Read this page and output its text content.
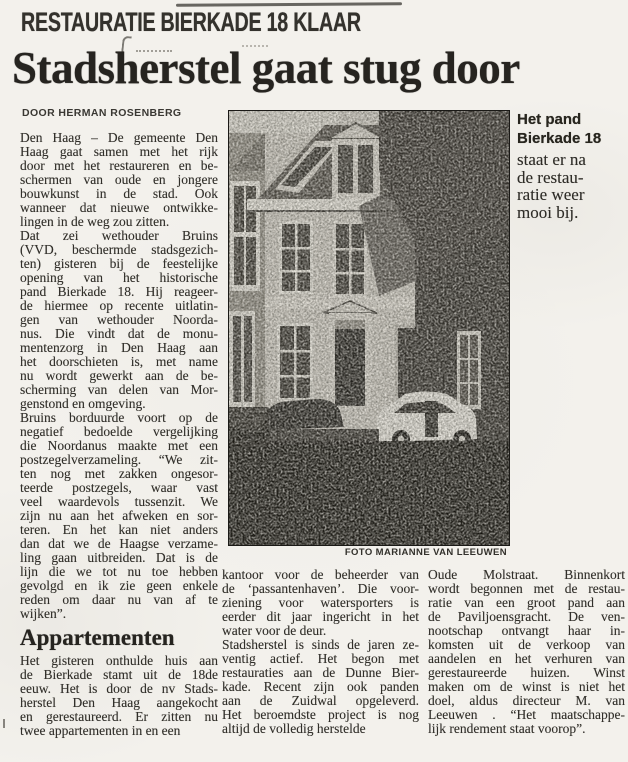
RESTAURATIE BIERKADE 18 KLAAR
Stadsherstel gaat stug door
DOOR HERMAN ROSENBERG
Den Haag – De gemeente Den
Haag gaat samen met het rijk
door met het restaureren en be-
schermen van oude en jongere
bouwkunst in de stad. Ook
wanneer dat nieuwe ontwikke-
lingen in de weg zou zitten.
Dat zei wethouder Bruins
(VVD, beschermde stadsgezich-
ten) gisteren bij de feestelijke
opening van het historische
pand Bierkade 18. Hij reageer-
de hiermee op recente uitlatin-
gen van wethouder Noorda-
nus. Die vindt dat de monu-
mentenzorg in Den Haag aan
het doorschieten is, met name
nu wordt gewerkt aan de be-
scherming van delen van Mor-
genstond en omgeving.
Bruins borduurde voort op de
negatief bedoelde vergelijking
die Noordanus maakte met een
postzegelverzameling. “We zit-
ten nog met zakken ongesor-
teerde postzegels, waar vast
veel waardevols tussenzit. We
zijn nu aan het afweken en sor-
teren. En het kan niet anders
dan dat we de Haagse verzame-
ling gaan uitbreiden. Dat is de
lijn die we tot nu toe hebben
gevolgd en ik zie geen enkele
reden om daar nu van af te
wijken”.
Appartementen
Het gisteren onthulde huis aan
de Bierkade stamt uit de 18de
eeuw. Het is door de nv Stads-
herstel Den Haag aangekocht
en gerestaureerd. Er zitten nu
twee appartementen in en een
FOTO MARIANNE VAN LEEUWEN
Het pand
Bierkade 18
staat er na
de restau-
ratie weer
mooi bij.
kantoor voor de beheerder van
de ‘passantenhaven’. Die voor-
ziening voor watersporters is
eerder dit jaar ingericht in het
water voor de deur.
Stadsherstel is sinds de jaren ze-
ventig actief. Het begon met
restauraties aan de Dunne Bier-
kade. Recent zijn ook panden
aan de Zuidwal opgeleverd.
Het beroemdste project is nog
altijd de volledig herstelde
Oude Molstraat. Binnenkort
wordt begonnen met de restau-
ratie van een groot pand aan
de Paviljoensgracht. De ven-
nootschap ontvangt haar in-
komsten uit de verkoop van
aandelen en het verhuren van
gerestaureerde huizen. Winst
maken om de winst is niet het
doel, aldus directeur M. van
Leeuwen . “Het maatschappe-
lijk rendement staat voorop”.
